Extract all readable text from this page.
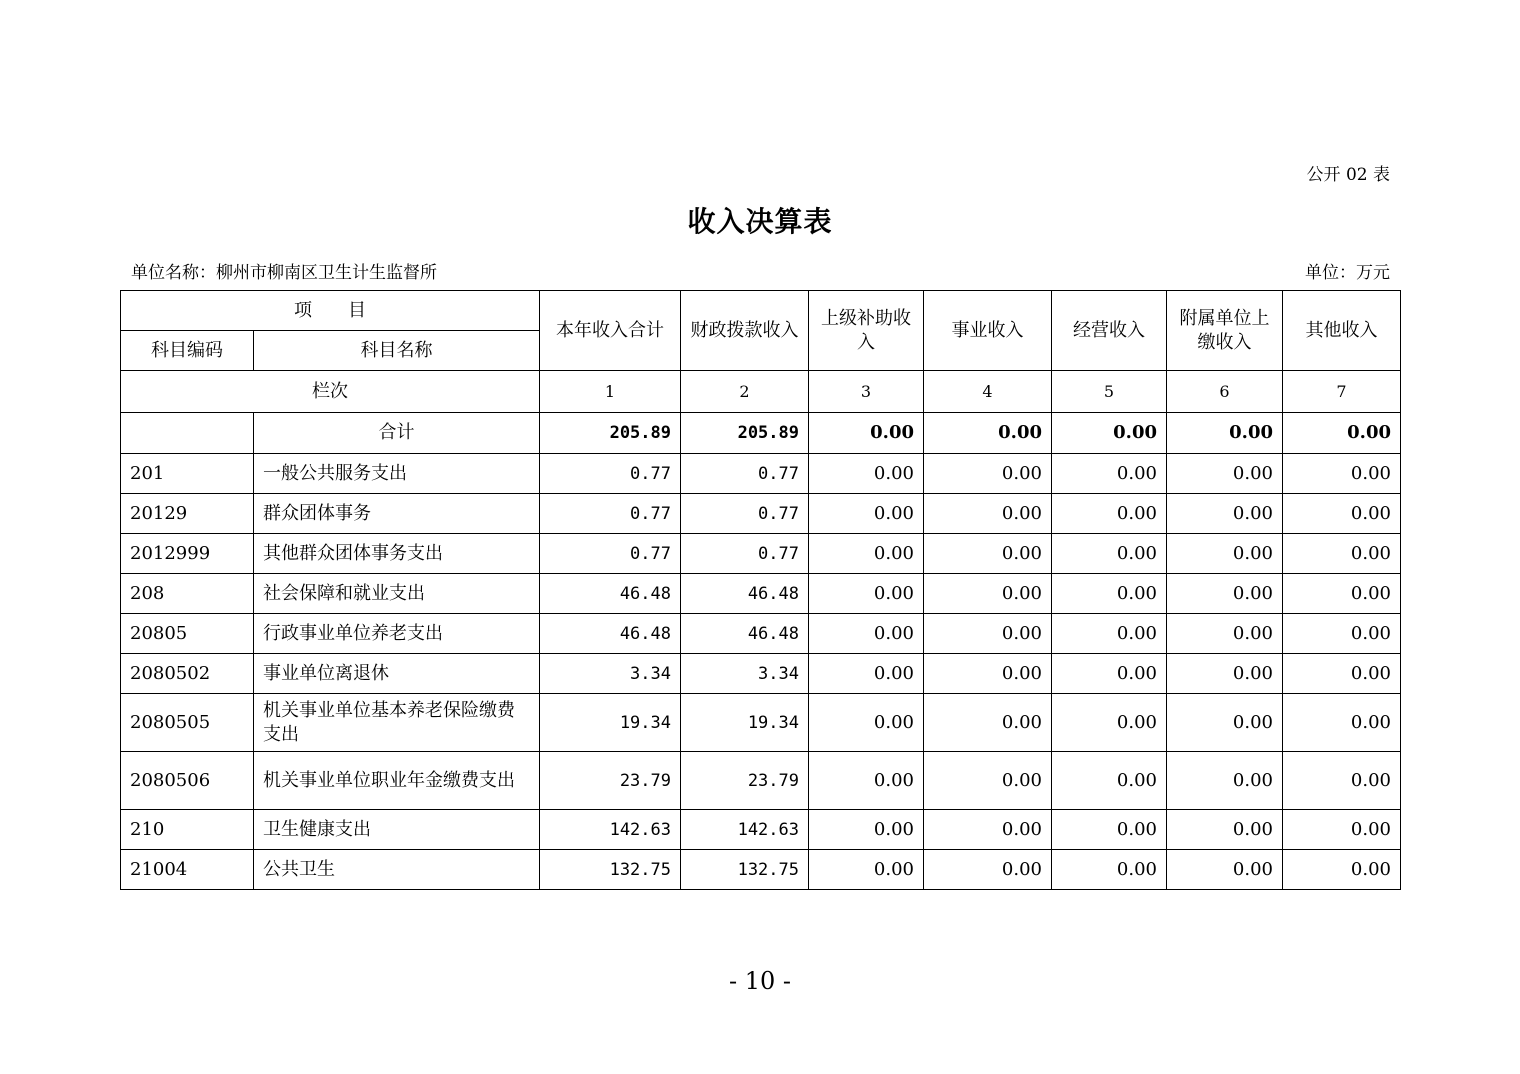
公开 02 表
收入决算表
单位名称：柳州市柳南区卫生计生监督所	单位：万元
项　　目		本年收入合计	财政拨款收入	上级补助收入	事业收入	经营收入	附属单位上缴收入	其他收入
科目编码	科目名称							
栏次		1	2	3	4	5	6	7
	合计	205.89	205.89	0.00	0.00	0.00	0.00	0.00
201	一般公共服务支出	0.77	0.77	0.00	0.00	0.00	0.00	0.00
20129	群众团体事务	0.77	0.77	0.00	0.00	0.00	0.00	0.00
2012999	其他群众团体事务支出	0.77	0.77	0.00	0.00	0.00	0.00	0.00
208	社会保障和就业支出	46.48	46.48	0.00	0.00	0.00	0.00	0.00
20805	行政事业单位养老支出	46.48	46.48	0.00	0.00	0.00	0.00	0.00
2080502	事业单位离退休	3.34	3.34	0.00	0.00	0.00	0.00	0.00
2080505	机关事业单位基本养老保险缴费支出	19.34	19.34	0.00	0.00	0.00	0.00	0.00
2080506	机关事业单位职业年金缴费支出	23.79	23.79	0.00	0.00	0.00	0.00	0.00
210	卫生健康支出	142.63	142.63	0.00	0.00	0.00	0.00	0.00
21004	公共卫生	132.75	132.75	0.00	0.00	0.00	0.00	0.00
- 10 -
